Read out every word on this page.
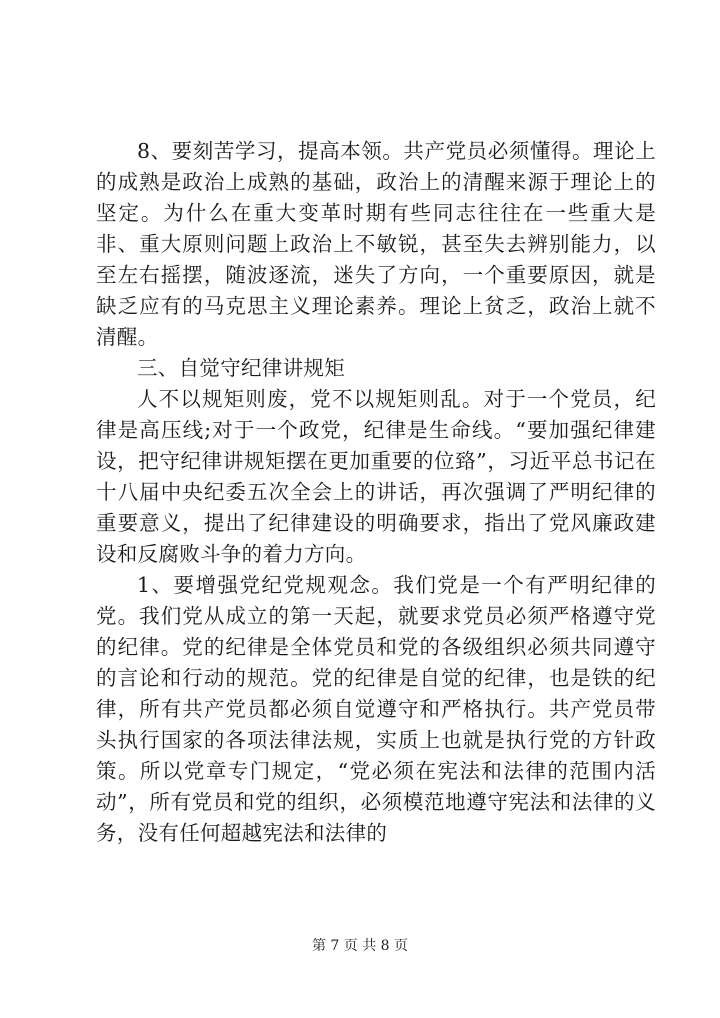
8、要刻苦学习，提高本领。共产党员必须懂得。理论上的成熟是政治上成熟的基础，政治上的清醒来源于理论上的坚定。为什么在重大变革时期有些同志往往在一些重大是非、重大原则问题上政治上不敏锐，甚至失去辨别能力，以至左右摇摆，随波逐流，迷失了方向，一个重要原因，就是缺乏应有的马克思主义理论素养。理论上贫乏，政治上就不清醒。

三、自觉守纪律讲规矩

人不以规矩则废，党不以规矩则乱。对于一个党员，纪律是高压线;对于一个政党，纪律是生命线。“要加强纪律建设，把守纪律讲规矩摆在更加重要的位臵”，习近平总书记在十八届中央纪委五次全会上的讲话，再次强调了严明纪律的重要意义，提出了纪律建设的明确要求，指出了党风廉政建设和反腐败斗争的着力方向。

1、要增强党纪党规观念。我们党是一个有严明纪律的党。我们党从成立的第一天起，就要求党员必须严格遵守党的纪律。党的纪律是全体党员和党的各级组织必须共同遵守的言论和行动的规范。党的纪律是自觉的纪律，也是铁的纪律，所有共产党员都必须自觉遵守和严格执行。共产党员带头执行国家的各项法律法规，实质上也就是执行党的方针政策。所以党章专门规定，“党必须在宪法和法律的范围内活动”，所有党员和党的组织，必须模范地遵守宪法和法律的义务，没有任何超越宪法和法律的

第 7 页 共 8 页
